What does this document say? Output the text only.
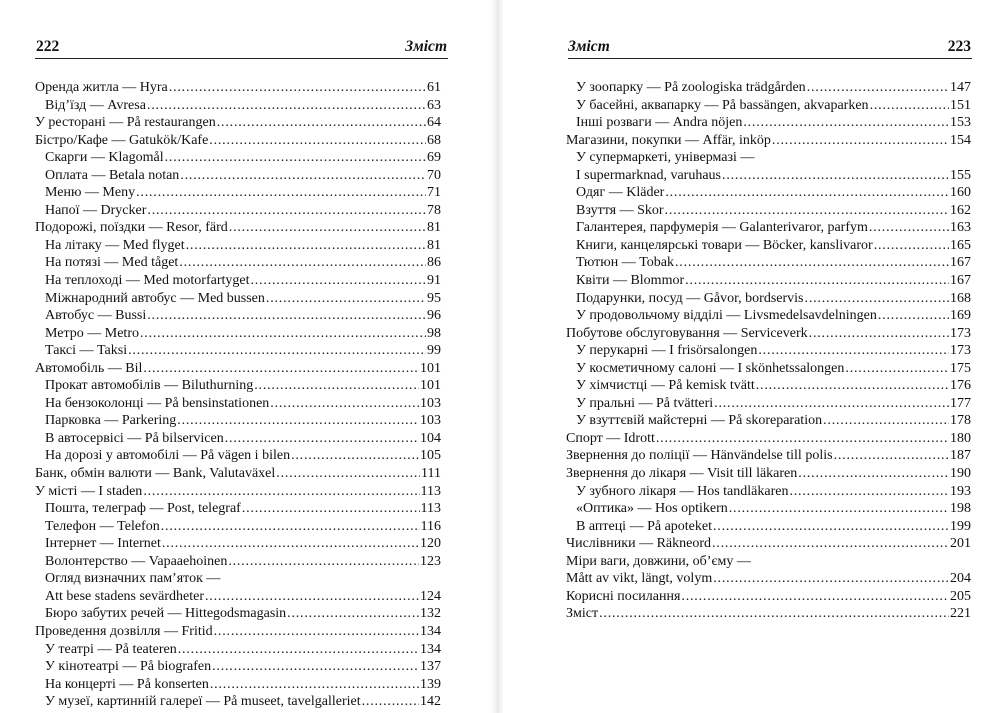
222	Зміст
Оренда житла — Hyra .....	61
Від’їзд — Avresa .....	63
У ресторані — På restaurangen .....	64
Бістро/Кафе — Gatukök/Kafe .....	68
Скарги — Klagomål .....	69
Оплата — Betala notan .....	70
Меню — Meny .....	71
Напої — Drycker .....	78
Подорожі, поїздки — Resor, färd .....	81
На літаку — Med flyget .....	81
На потязі — Med tåget .....	86
На теплоході — Med motorfartyget .....	91
Міжнародний автобус — Med bussen .....	95
Автобус — Bussi .....	96
Метро — Metro .....	98
Таксі — Taksi .....	99
Автомобіль — Bil .....	101
Прокат автомобілів — Biluthurning .....	101
На бензоколонці — På bensinstationen .....	103
Парковка — Parkering .....	103
В автосервісі — På bilservicen .....	104
На дорозі у автомобілі — På vägen i bilen .....	105
Банк, обмін валюти — Bank, Valutaväxel .....	111
У місті — I staden .....	113
Пошта, телеграф — Post, telegraf .....	113
Телефон — Telefon .....	116
Інтернет — Internet .....	120
Волонтерство — Vapaaehoinen .....	123
Огляд визначних пам’яток —
Att bese stadens sevärdheter .....	124
Бюро забутих речей — Hittegodsmagasin .....	132
Проведення дозвілля — Fritid .....	134
У театрі — På teateren .....	134
У кінотеатрі — På biografen .....	137
На концерті — På konserten .....	139
У музеї, картинній галереї — På museet, tavelgalleriet .....	142
Зміст	223
У зоопарку — På zoologiska trädgården .....	147
У басейні, аквапарку — På bassängen, akvaparken .....	151
Інші розваги — Andra nöjen .....	153
Магазини, покупки — Affär, inköp .....	154
У супермаркеті, універмазі —
I supermarknad, varuhaus .....	155
Одяг — Kläder .....	160
Взуття — Skor .....	162
Галантерея, парфумерія — Galanterivaror, parfym .....	163
Книги, канцелярські товари — Böcker, kanslivaror .....	165
Тютюн — Tobak .....	167
Квіти — Blommor .....	167
Подарунки, посуд — Gåvor, bordservis .....	168
У продовольчому відділі — Livsmedelsavdelningen .....	169
Побутове обслуговування — Serviceverk .....	173
У перукарні — I frisörsalongen .....	173
У косметичному салоні — I skönhetssalongen .....	175
У хімчистці — På kemisk tvätt .....	176
У пральні — På tvätteri .....	177
У взуттєвій майстерні — På skoreparation .....	178
Спорт — Idrott .....	180
Звернення до поліції — Hänvändelse till polis .....	187
Звернення до лікаря — Visit till läkaren .....	190
У зубного лікаря — Hos tandläkaren .....	193
«Оптика» — Hos optikern .....	198
В аптеці — På apoteket .....	199
Числівники — Räkneord .....	201
Міри ваги, довжини, об’єму —
Mått av vikt, längt, volym .....	204
Корисні посилання .....	205
Зміст .....	221
